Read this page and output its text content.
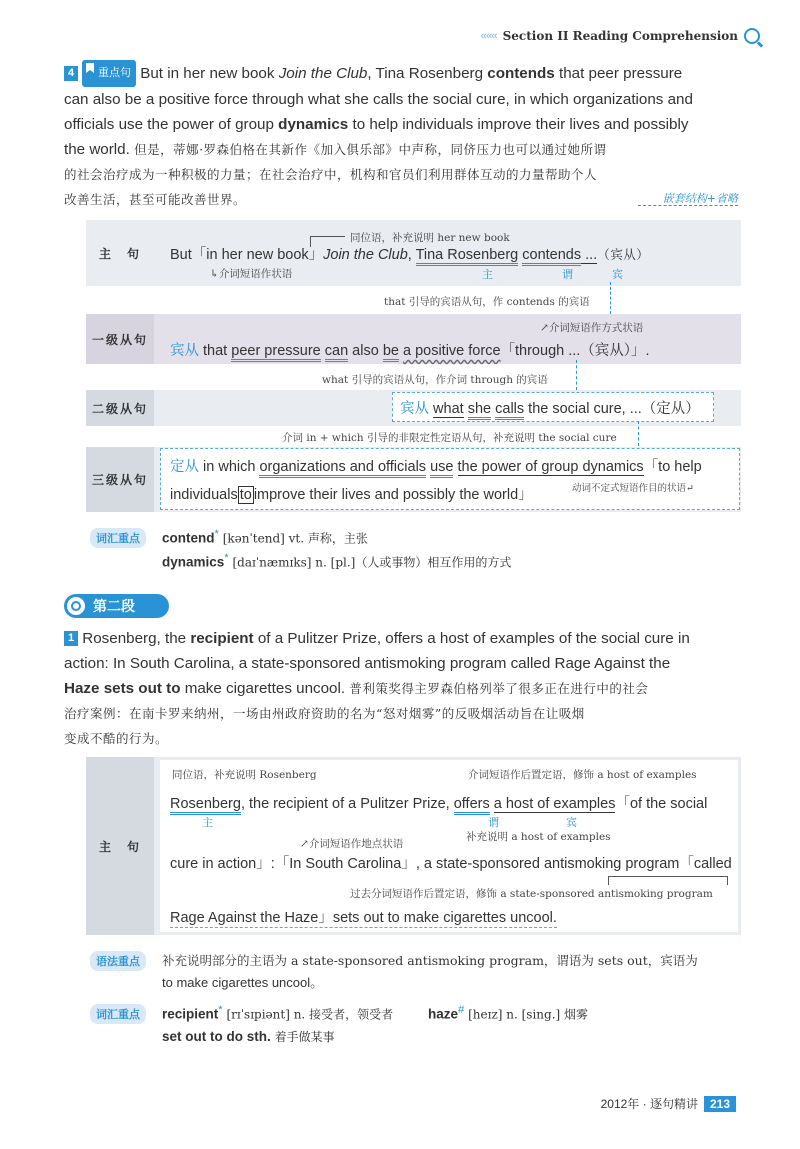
‹‹‹‹‹‹ Section II Reading Comprehension
4 重点句 But in her new book Join the Club, Tina Rosenberg contends that peer pressure
can also be a positive force through what she calls the social cure, in which organizations and
officials use the power of group dynamics to help individuals improve their lives and possibly
the world. 但是，蒂娜·罗森伯格在其新作《加入俱乐部》中声称，同侪压力也可以通过她所谓
的社会治疗成为一种积极的力量；在社会治疗中，机构和官员们利用群体互动的力量帮助个人
改善生活，甚至可能改善世界。	嵌套结构+省略
主　句
同位语，补充说明 her new book
But「in her new book」Join the Club, Tina Rosenberg contends ...（宾从）
↳介词短语作状语	主	谓	宾
that 引导的宾语从句，作 contends 的宾语
一级从句
↗介词短语作方式状语
宾从 that peer pressure can also be a positive force「through ...（宾从）」.
what 引导的宾语从句，作介词 through 的宾语
二级从句	宾从 what she calls the social cure, ...（定从）
介词 in + which 引导的非限定性定语从句，补充说明 the social cure
三级从句
定从 in which organizations and officials use the power of group dynamics「to help
individuals to improve their lives and possibly the world」	动词不定式短语作目的状语↵
词汇重点	contend* [kənˈtend] vt. 声称，主张
dynamics* [daɪˈnæmɪks] n. [pl.]（人或事物）相互作用的方式
第二段
1 Rosenberg, the recipient of a Pulitzer Prize, offers a host of examples of the social cure in
action: In South Carolina, a state-sponsored antismoking program called Rage Against the
Haze sets out to make cigarettes uncool. 普利策奖得主罗森伯格列举了很多正在进行中的社会
治疗案例：在南卡罗来纳州，一场由州政府资助的名为“怒对烟雾”的反吸烟活动旨在让吸烟
变成不酷的行为。
主　句
同位语，补充说明 Rosenberg	介词短语作后置定语，修饰 a host of examples
Rosenberg, the recipient of a Pulitzer Prize, offers a host of examples「of the social
主	谓	宾
补充说明 a host of examples
↗介词短语作地点状语
cure in action」:「In South Carolina」, a state-sponsored antismoking program「called
过去分词短语作后置定语，修饰 a state-sponsored antismoking program
Rage Against the Haze」sets out to make cigarettes uncool.
语法重点	补充说明部分的主语为 a state-sponsored antismoking program，谓语为 sets out，宾语为
to make cigarettes uncool。
词汇重点	recipient* [rɪˈsɪpiənt] n. 接受者，领受者	haze# [heɪz] n. [sing.] 烟雾
set out to do sth. 着手做某事
2012年 · 逐句精讲	213
